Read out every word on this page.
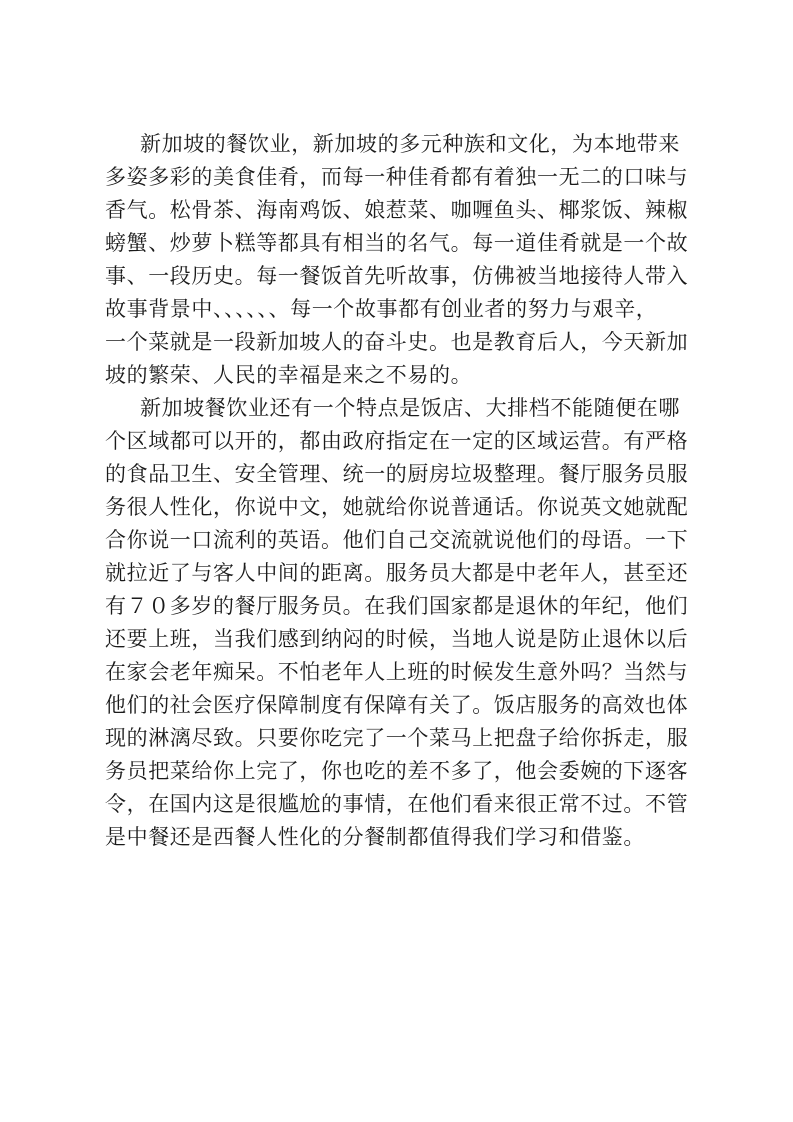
新加坡的餐饮业，新加坡的多元种族和文化，为本地带来
多姿多彩的美食佳肴，而每一种佳肴都有着独一无二的口味与
香气。松骨茶、海南鸡饭、娘惹菜、咖喱鱼头、椰浆饭、辣椒
螃蟹、炒萝卜糕等都具有相当的名气。每一道佳肴就是一个故
事、一段历史。每一餐饭首先听故事，仿佛被当地接待人带入
故事背景中、、、、、、每一个故事都有创业者的努力与艰辛，
一个菜就是一段新加坡人的奋斗史。也是教育后人，今天新加
坡的繁荣、人民的幸福是来之不易的。
新加坡餐饮业还有一个特点是饭店、大排档不能随便在哪
个区域都可以开的，都由政府指定在一定的区域运营。有严格
的食品卫生、安全管理、统一的厨房垃圾整理。餐厅服务员服
务很人性化，你说中文，她就给你说普通话。你说英文她就配
合你说一口流利的英语。他们自己交流就说他们的母语。一下
就拉近了与客人中间的距离。服务员大都是中老年人，甚至还
有７０多岁的餐厅服务员。在我们国家都是退休的年纪，他们
还要上班，当我们感到纳闷的时候，当地人说是防止退休以后
在家会老年痴呆。不怕老年人上班的时候发生意外吗？当然与
他们的社会医疗保障制度有保障有关了。饭店服务的高效也体
现的淋漓尽致。只要你吃完了一个菜马上把盘子给你拆走，服
务员把菜给你上完了，你也吃的差不多了，他会委婉的下逐客
令，在国内这是很尴尬的事情，在他们看来很正常不过。不管
是中餐还是西餐人性化的分餐制都值得我们学习和借鉴。
